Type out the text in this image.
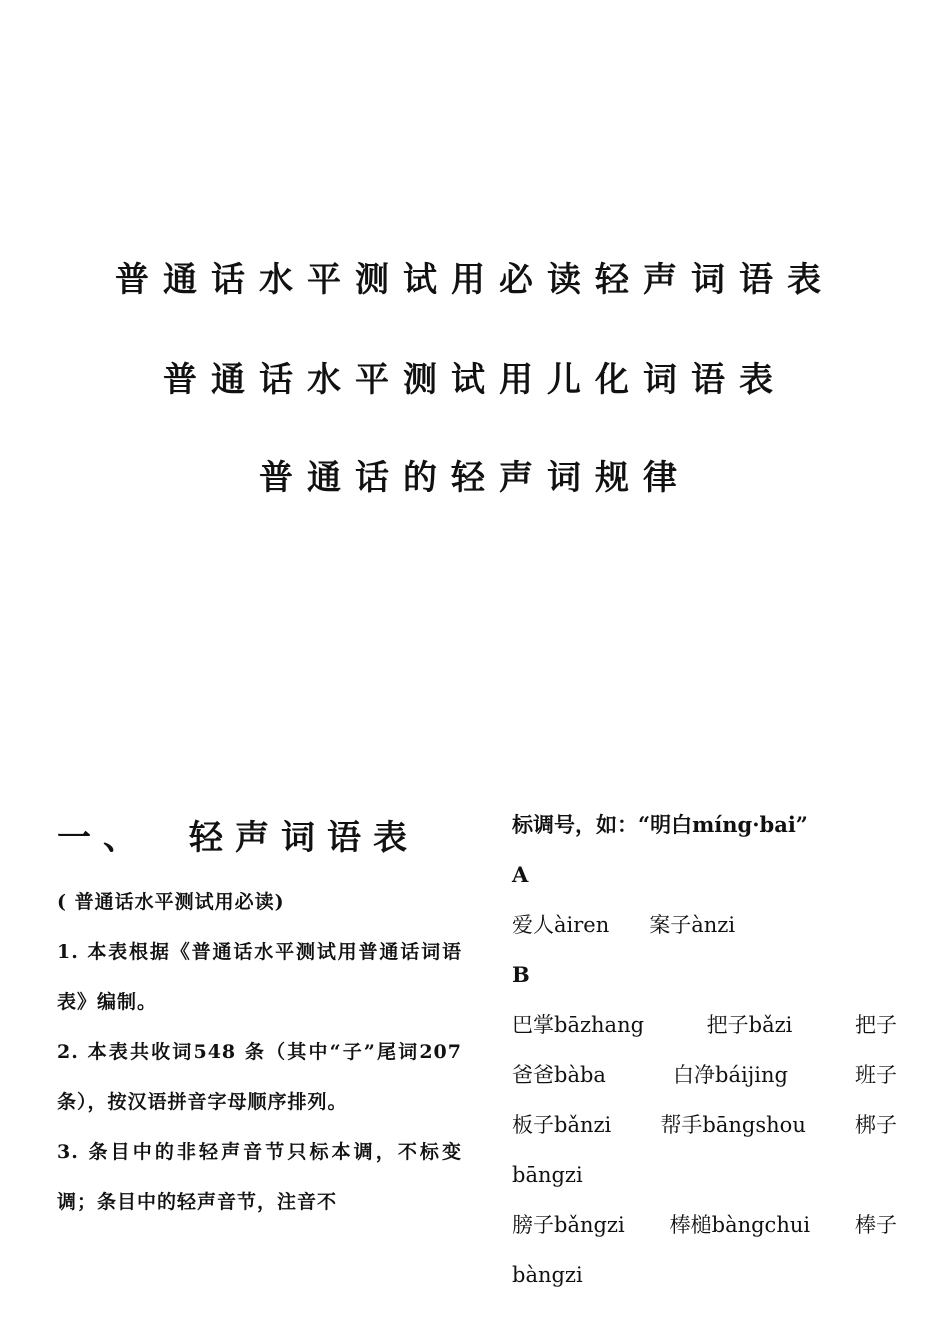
普通话水平测试用必读轻声词语表
普通话水平测试用儿化词语表
普通话的轻声词规律
一、 轻声词语表
( 普通话水平测试用必读)
1. 本表根据《普通话水平测试用普通话词语表》编制。
2. 本表共收词548 条（其中“子”尾词207 条），按汉语拼音字母顺序排列。
3. 条目中的非轻声音节只标本调，不标变调；条目中的轻声音节，注音不
标调号，如：“明白míng·bai”
A
爱人àiren 案子ànzi
B
巴掌bāzhang	把子bǎzi	把子
爸爸bàba	白净báijing	班子
板子bǎnzi 帮手bāngshou 梆子
bāngzi
膀子bǎngzi 棒槌bàngchui 棒子
bàngzi
